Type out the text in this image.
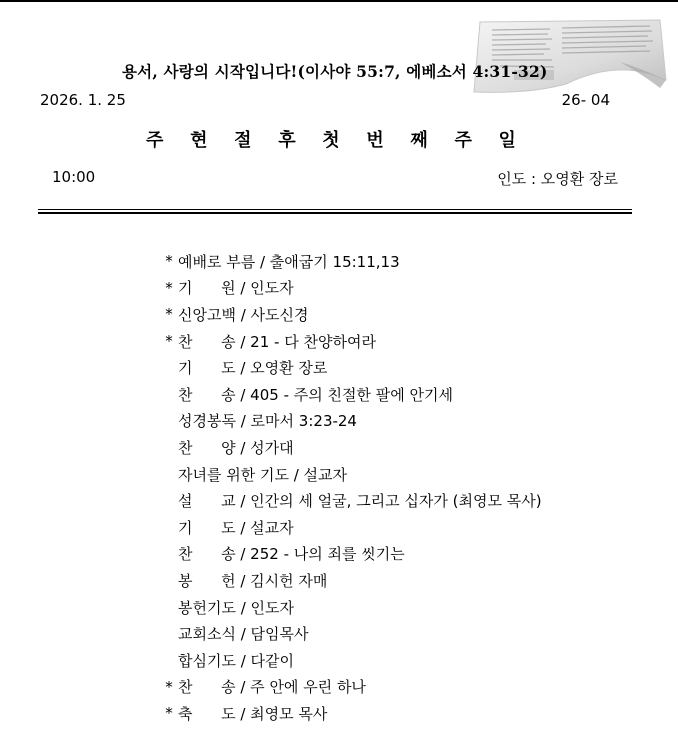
용서, 사랑의 시작입니다!(이사야 55:7, 에베소서 4:31-32)
2026. 1. 25	26- 04
주 현 절 후 첫 번 째 주 일
10:00	인도 : 오영환 장로
* 예배로 부름 / 출애굽기 15:11,13
* 기      원 / 인도자
* 신앙고백 / 사도신경
* 찬      송 / 21 - 다 찬양하여라
기      도 / 오영환 장로
찬      송 / 405 - 주의 친절한 팔에 안기세
성경봉독 / 로마서 3:23-24
찬      양 / 성가대
자녀를 위한 기도 / 설교자
설      교 / 인간의 세 얼굴, 그리고 십자가 (최영모 목사)
기      도 / 설교자
찬      송 / 252 - 나의 죄를 씻기는
봉      헌 / 김시헌 자매
봉헌기도 / 인도자
교회소식 / 담임목사
합심기도 / 다같이
* 찬      송 / 주 안에 우린 하나
* 축      도 / 최영모 목사
